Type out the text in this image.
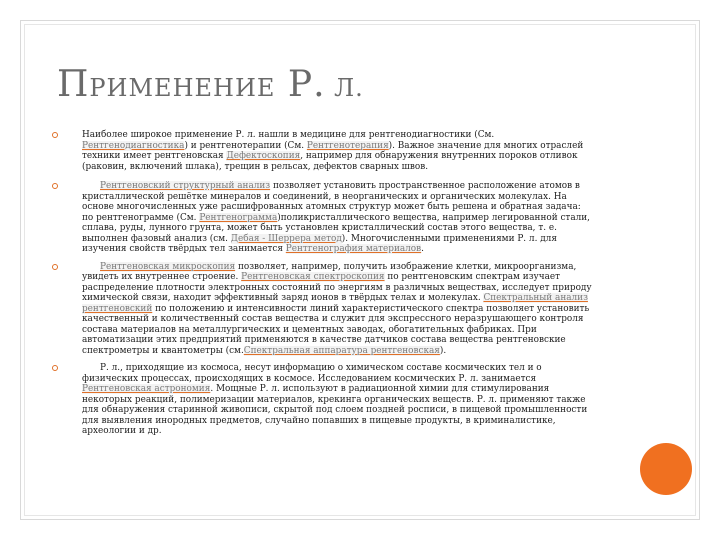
ПРИМЕНЕНИЕ Р. Л.
Наиболее широкое применение Р. л. нашли в медицине для рентгенодиагностики (См. Рентгенодиагностика) и рентгенотерапии (См. Рентгенотерапия). Важное значение для многих отраслей техники имеет рентгеновская Дефектоскопия, например для обнаружения внутренних пороков отливок (раковин, включений шлака), трещин в рельсах, дефектов сварных швов.
Рентгеновский структурный анализ позволяет установить пространственное расположение атомов в кристаллической решётке минералов и соединений, в неорганических и органических молекулах. На основе многочисленных уже расшифрованных атомных структур может быть решена и обратная задача: по рентгенограмме (См. Рентгенограмма)поликристаллического вещества, например легированной стали, сплава, руды, лунного грунта, может быть установлен кристаллический состав этого вещества, т. е. выполнен фазовый анализ (см. Дебая - Шеррера метод). Многочисленными применениями Р. л. для изучения свойств твёрдых тел занимается Рентгенография материалов.
Рентгеновская микроскопия позволяет, например, получить изображение клетки, микроорганизма, увидеть их внутреннее строение. Рентгеновская спектроскопия по рентгеновским спектрам изучает распределение плотности электронных состояний по энергиям в различных веществах, исследует природу химической связи, находит эффективный заряд ионов в твёрдых телах и молекулах. Спектральный анализ рентгеновский по положению и интенсивности линий характеристического спектра позволяет установить качественный и количественный состав вещества и служит для экспрессного неразрушающего контроля состава материалов на металлургических и цементных заводах, обогатительных фабриках. При автоматизации этих предприятий применяются в качестве датчиков состава вещества рентгеновские спектрометры и квантометры (см.Спектральная аппаратура рентгеновская).
Р. л., приходящие из космоса, несут информацию о химическом составе космических тел и о физических процессах, происходящих в космосе. Исследованием космических Р. л. занимается Рентгеновская астрономия. Мощные Р. л. используют в радиационной химии для стимулирования некоторых реакций, полимеризации материалов, крекинга органических веществ. Р. л. применяют также для обнаружения старинной живописи, скрытой под слоем поздней росписи, в пищевой промышленности для выявления инородных предметов, случайно попавших в пищевые продукты, в криминалистике, археологии и др.
